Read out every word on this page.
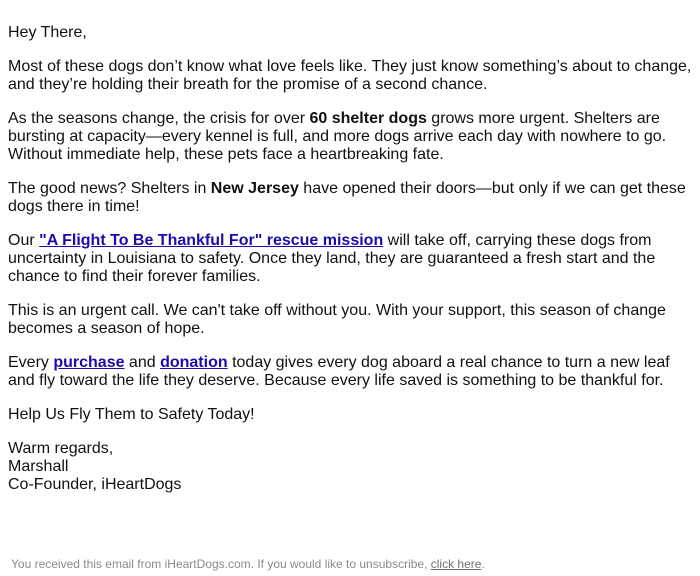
Hey There,

Most of these dogs don’t know what love feels like. They just know something’s about to change, and they’re holding their breath for the promise of a second chance.

As the seasons change, the crisis for over 60 shelter dogs grows more urgent. Shelters are bursting at capacity—every kennel is full, and more dogs arrive each day with nowhere to go. Without immediate help, these pets face a heartbreaking fate.

The good news? Shelters in New Jersey have opened their doors—but only if we can get these dogs there in time!

Our "A Flight To Be Thankful For" rescue mission will take off, carrying these dogs from uncertainty in Louisiana to safety. Once they land, they are guaranteed a fresh start and the chance to find their forever families.

This is an urgent call. We can't take off without you. With your support, this season of change becomes a season of hope.

Every purchase and donation today gives every dog aboard a real chance to turn a new leaf and fly toward the life they deserve. Because every life saved is something to be thankful for.

Help Us Fly Them to Safety Today!

Warm regards,
Marshall
Co-Founder, iHeartDogs

You received this email from iHeartDogs.com. If you would like to unsubscribe, click here.
